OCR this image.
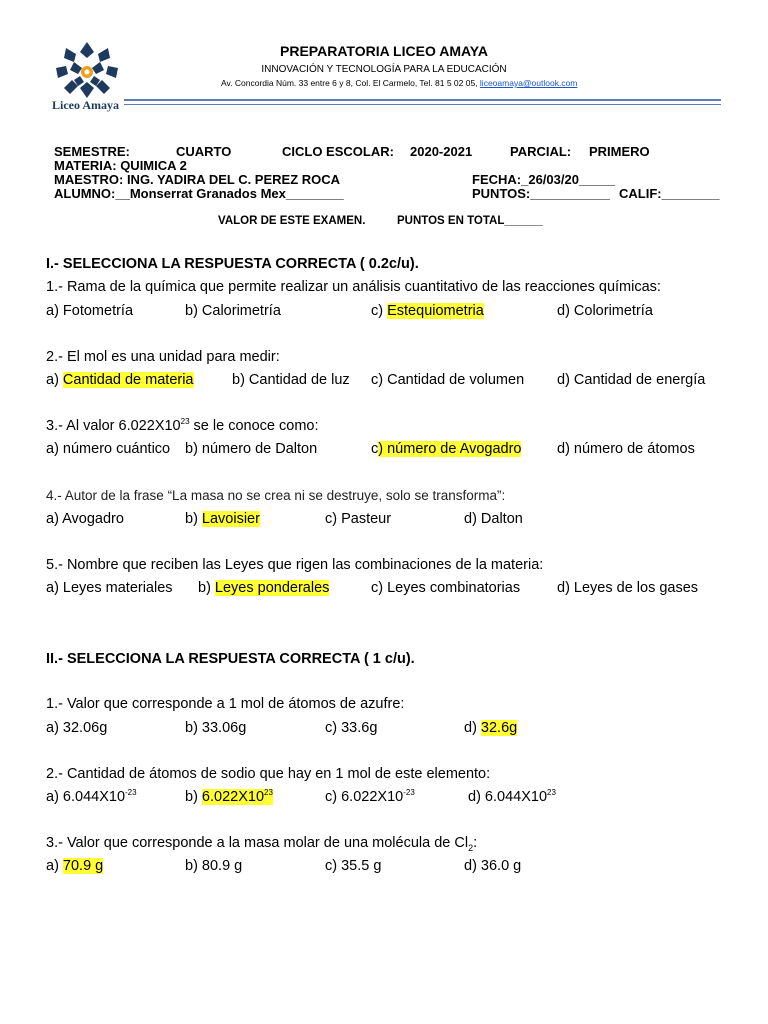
Liceo Amaya
PREPARATORIA LICEO AMAYA
INNOVACIÓN Y TECNOLOGÍA PARA LA EDUCACIÓN
Av. Concordia Núm. 33 entre 6 y 8, Col. El Carmelo, Tel. 81 5 02 05, liceoamaya@outlook.com
SEMESTRE:	CUARTO	CICLO ESCOLAR: 2020-2021	PARCIAL: PRIMERO
MATERIA: QUIMICA 2
MAESTRO: ING. YADIRA DEL C. PEREZ ROCA	FECHA:_26/03/20_____
ALUMNO:__Monserrat Granados Mex________	PUNTOS:___________ CALIF:________
VALOR DE ESTE EXAMEN.	PUNTOS EN TOTAL______
I.- SELECCIONA LA RESPUESTA CORRECTA ( 0.2c/u).
1.- Rama de la química que permite realizar un análisis cuantitativo de las reacciones químicas:
a) Fotometría	b) Calorimetría	c) Estequiometria	d) Colorimetría
2.- El mol es una unidad para medir:
a) Cantidad de materia	b) Cantidad de luz c) Cantidad de volumen d) Cantidad de energía
3.- Al valor $6.022X10^{23}$ se le conoce como:
a) número cuántico b) número de Dalton	c) número de Avogadro d) número de átomos
4.- Autor de la frase “La masa no se crea ni se destruye, solo se transforma”:
a) Avogadro	b) Lavoisier	c) Pasteur	d) Dalton
5.- Nombre que reciben las Leyes que rigen las combinaciones de la materia:
a) Leyes materiales b) Leyes ponderales	c) Leyes combinatorias	d) Leyes de los gases
II.- SELECCIONA LA RESPUESTA CORRECTA ( 1 c/u).
1.- Valor que corresponde a 1 mol de átomos de azufre:
a) 32.06g	b) 33.06g	c) 33.6g	d) 32.6g
2.- Cantidad de átomos de sodio que hay en 1 mol de este elemento:
a) $6.044X10^{-23}$	b) $6.022X10^{23}$	c) $6.022X10^{-23}$	d) $6.044X10^{23}$
3.- Valor que corresponde a la masa molar de una molécula de $Cl_2$:
a) 70.9 g	b) 80.9 g	c) 35.5 g	d) 36.0 g
